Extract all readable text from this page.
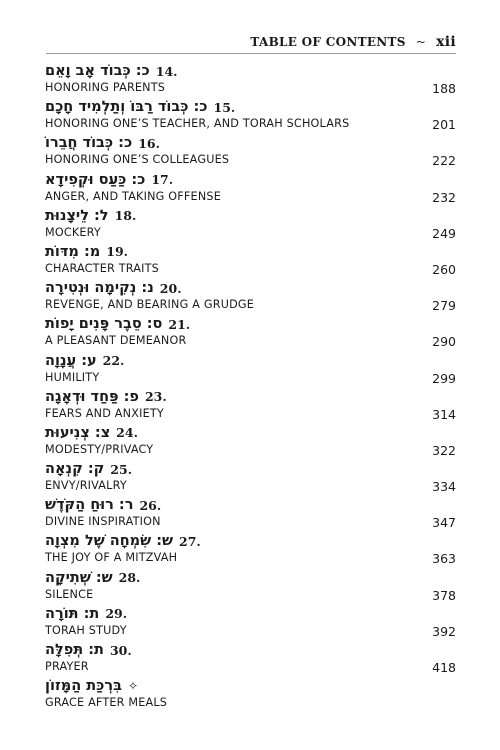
TABLE OF CONTENTS ~ xii
כ: כְּבוֹד אָב וָאֵם 14.
HONORING PARENTS	188
כ: כְּבוֹד רַבּוֹ וְתַלְמִיד חָכָם 15.
HONORING ONE’S TEACHER, AND TORAH SCHOLARS	201
כ: כְּבוֹד חֲבֵרוֹ 16.
HONORING ONE’S COLLEAGUES	222
כ: כַּעַס וּקְפִידָא 17.
ANGER, AND TAKING OFFENSE	232
ל: לֵיצָנוּת 18.
MOCKERY	249
מ: מִדּוֹת 19.
CHARACTER TRAITS	260
נ: נְקִימָה וּנְטִירָה 20.
REVENGE, AND BEARING A GRUDGE	279
ס: סֵבֶר פָּנִים יָפוֹת 21.
A PLEASANT DEMEANOR	290
ע: עֲנָוָה 22.
HUMILITY	299
פ: פַּחַד וּדְאָגָה 23.
FEARS AND ANXIETY	314
צ: צְנִיעוּת 24.
MODESTY/PRIVACY	322
ק: קִנְאָה 25.
ENVY/RIVALRY	334
ר: רוּחַ הַקֹּדֶשׁ 26.
DIVINE INSPIRATION	347
ש: שִׂמְחָה שֶׁל מִצְוָה 27.
THE JOY OF A MITZVAH	363
ש: שְׁתִיקָה 28.
SILENCE	378
ת: תּוֹרָה 29.
TORAH STUDY	392
ת: תְּפִלָּה 30.
PRAYER	418
בִּרְכַּת הַמָּזוֹן ✧
GRACE AFTER MEALS
